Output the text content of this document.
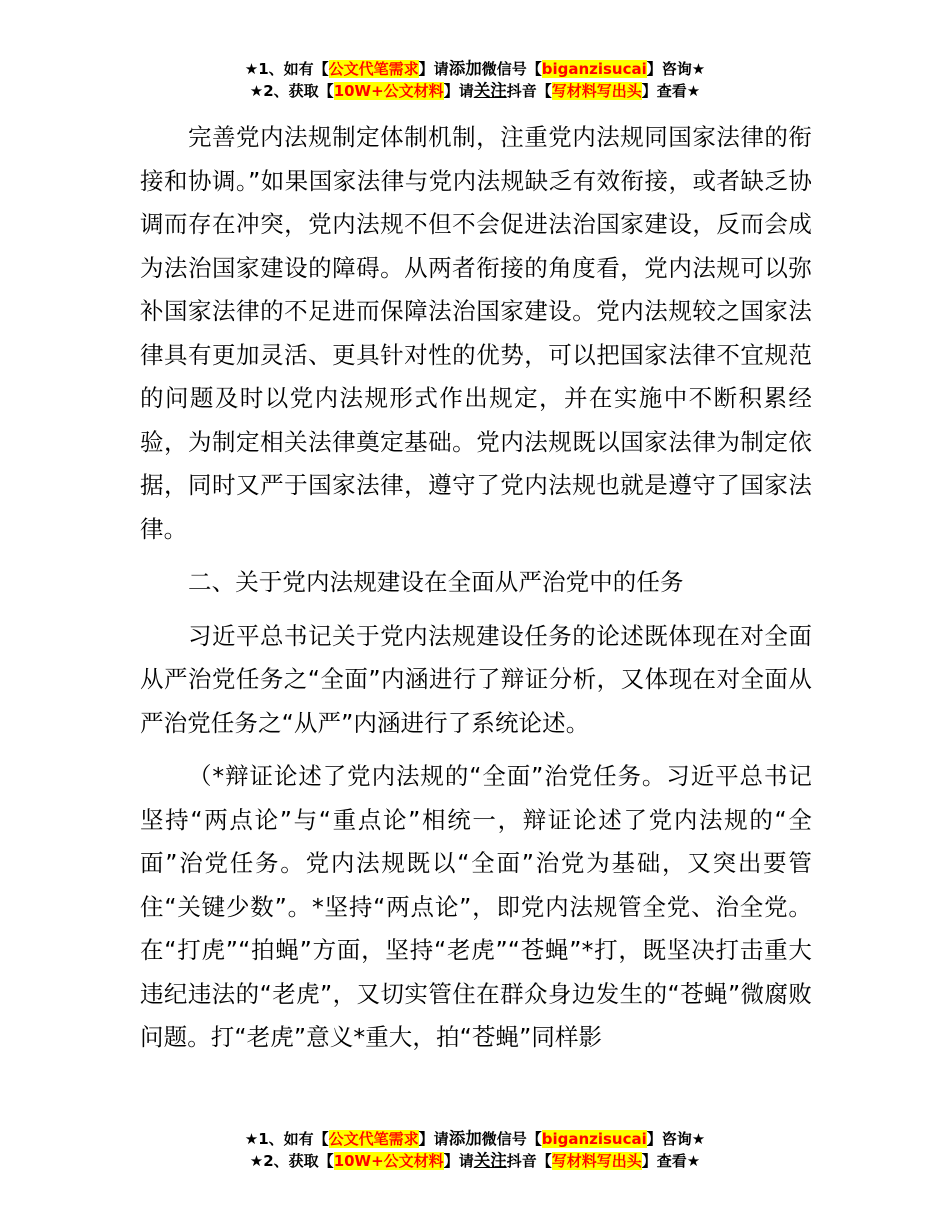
★1、如有【公文代笔需求】请添加微信号【biganzisucai】咨询★
★2、获取【10W+公文材料】请关注抖音【写材料写出头】查看★

完善党内法规制定体制机制，注重党内法规同国家法律的衔接和协调。”如果国家法律与党内法规缺乏有效衔接，或者缺乏协调而存在冲突，党内法规不但不会促进法治国家建设，反而会成为法治国家建设的障碍。从两者衔接的角度看，党内法规可以弥补国家法律的不足进而保障法治国家建设。党内法规较之国家法律具有更加灵活、更具针对性的优势，可以把国家法律不宜规范的问题及时以党内法规形式作出规定，并在实施中不断积累经验，为制定相关法律奠定基础。党内法规既以国家法律为制定依据，同时又严于国家法律，遵守了党内法规也就是遵守了国家法律。

二、关于党内法规建设在全面从严治党中的任务

习近平总书记关于党内法规建设任务的论述既体现在对全面从严治党任务之“全面”内涵进行了辩证分析，又体现在对全面从严治党任务之“从严”内涵进行了系统论述。

（*辩证论述了党内法规的“全面”治党任务。习近平总书记坚持“两点论”与“重点论”相统一，辩证论述了党内法规的“全面”治党任务。党内法规既以“全面”治党为基础，又突出要管住“关键少数”。*坚持“两点论”，即党内法规管全党、治全党。在“打虎”“拍蝇”方面，坚持“老虎”“苍蝇”*打，既坚决打击重大违纪违法的“老虎”，又切实管住在群众身边发生的“苍蝇”微腐败问题。打“老虎”意义*重大，拍“苍蝇”同样影

★1、如有【公文代笔需求】请添加微信号【biganzisucai】咨询★
★2、获取【10W+公文材料】请关注抖音【写材料写出头】查看★
